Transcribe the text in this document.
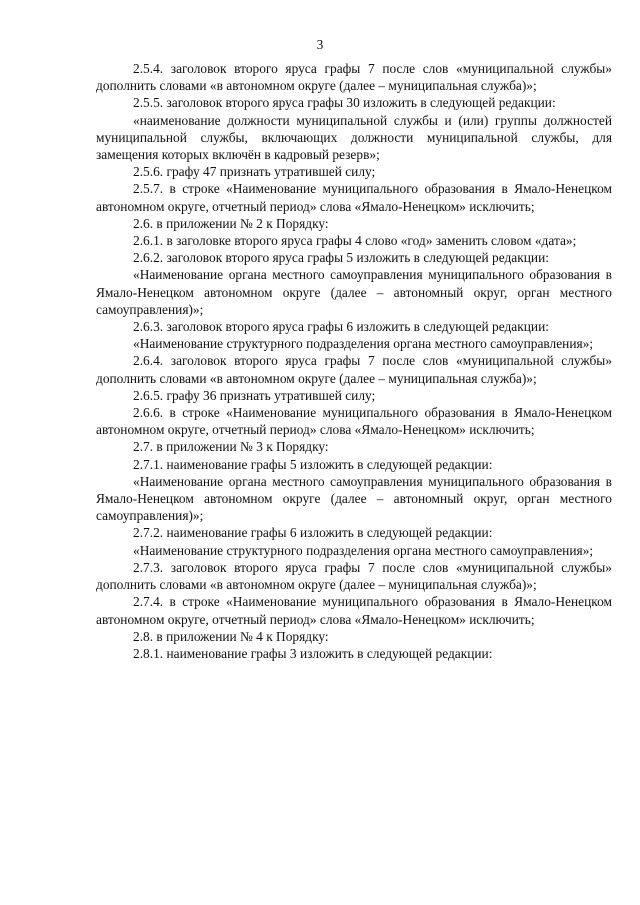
3

2.5.4. заголовок второго яруса графы 7 после слов «муниципальной службы» дополнить словами «в автономном округе (далее – муниципальная служба)»;

2.5.5. заголовок второго яруса графы 30 изложить в следующей редакции:

«наименование должности муниципальной службы и (или) группы должностей муниципальной службы, включающих должности муниципальной службы, для замещения которых включён в кадровый резерв»;

2.5.6. графу 47 признать утратившей силу;

2.5.7. в строке «Наименование муниципального образования в Ямало-Ненецком автономном округе, отчетный период» слова «Ямало-Ненецком» исключить;

2.6. в приложении № 2 к Порядку:

2.6.1. в заголовке второго яруса графы 4 слово «год» заменить словом «дата»;

2.6.2. заголовок второго яруса графы 5 изложить в следующей редакции:

«Наименование органа местного самоуправления муниципального образования в Ямало-Ненецком автономном округе (далее – автономный округ, орган местного самоуправления)»;

2.6.3. заголовок второго яруса графы 6 изложить в следующей редакции:

«Наименование структурного подразделения органа местного самоуправления»;

2.6.4. заголовок второго яруса графы 7 после слов «муниципальной службы» дополнить словами «в автономном округе (далее – муниципальная служба)»;

2.6.5. графу 36 признать утратившей силу;

2.6.6. в строке «Наименование муниципального образования в Ямало-Ненецком автономном округе, отчетный период» слова «Ямало-Ненецком» исключить;

2.7. в приложении № 3 к Порядку:

2.7.1. наименование графы 5 изложить в следующей редакции:

«Наименование органа местного самоуправления муниципального образования в Ямало-Ненецком автономном округе (далее – автономный округ, орган местного самоуправления)»;

2.7.2. наименование графы 6 изложить в следующей редакции:

«Наименование структурного подразделения органа местного самоуправления»;

2.7.3. заголовок второго яруса графы 7 после слов «муниципальной службы» дополнить словами «в автономном округе (далее – муниципальная служба)»;

2.7.4. в строке «Наименование муниципального образования в Ямало-Ненецком автономном округе, отчетный период» слова «Ямало-Ненецком» исключить;

2.8. в приложении № 4 к Порядку:

2.8.1. наименование графы 3 изложить в следующей редакции:
